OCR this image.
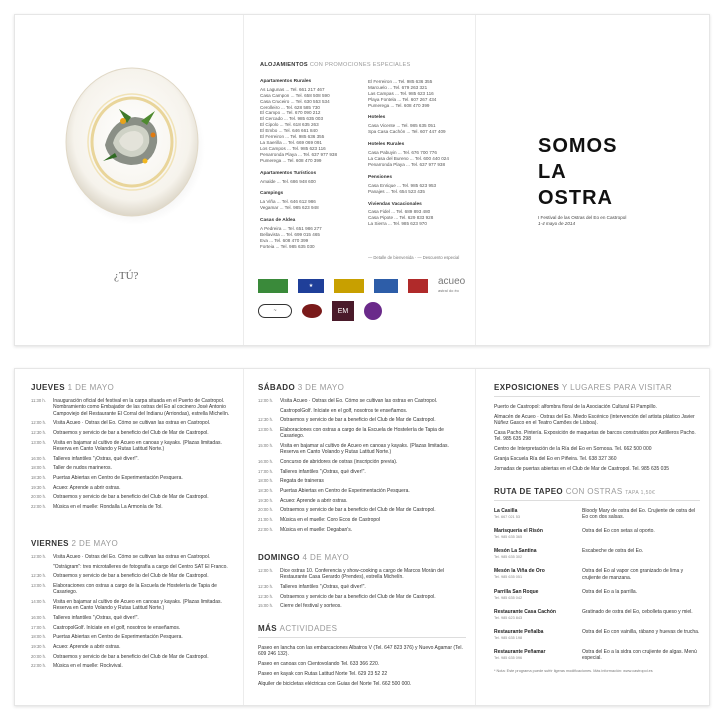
¿TÚ?
ALOJAMIENTOS CON PROMOCIONES ESPECIALES
Apartamentos Rurales
As Lagunas ... Tel. 661 217 467
Casa Campon ... Tel. 658 508 590
Casa Cruceiro ... Tel. 630 553 534
Cerolleiro ... Tel. 628 585 730
El Campo ... Tel. 670 090 212
El Cercado ... Tel. 985 635 003
El Cipolo ... Tel. 618 635 263
El Embo ... Tel. 646 661 840
El Ferreiron ... Tel. 985 636 355
La Saerilla ... Tel. 669 069 091
Los Campos ... Tel. 985 623 116
Penarronda Playa ... Tel. 637 977 938
Pumerega ... Tel. 608 470 399
Apartamentos Turísticos
Amalde ... Tel. 686 948 600
Campings
La Viña ... Tel. 646 612 986
Vegamar ... Tel. 985 623 948
Casas de Aldea
A Pedreira ... Tel. 651 986 277
Bellavista ... Tel. 699 015 465
Eva ... Tel. 608 470 399
Forteia ... Tel. 985 635 030
El Ferreiron ... Tel. 985 636 355
Marcuelo ... Tel. 679 263 321
Las Campas ... Tel. 985 623 116
Playa Fontela ... Tel. 607 267 434
Pumerega ... Tel. 608 470 399
Hoteles
Casa Vicente ... Tel. 985 635 051
Spa Casa Cachón ... Tel. 607 447 409
Hoteles Rurales
Casa Pabuyin ... Tel. 676 700 776
La Casa del Bureno ... Tel. 600 440 024
Penarronda Playa ... Tel. 637 977 938
Pensiones
Casa Enrique ... Tel. 985 623 953
Panajes ... Tel. 654 523 435
Viviendas Vacacionales
Casa Fidel ... Tel. 689 893 480
Casa Pipote ... Tel. 629 833 928
La Sierra ... Tel. 985 623 970
— Detalle de bienvenida · — Descuento especial
★	acueo
astral do éo
~	EM
SOMOS
LA
OSTRA
I Festival de las Ostras del Eo en Castropol
1-4 mayo de 2014
JUEVES 1 DE MAYO
11:30 h.	Inauguración oficial del festival en la carpa situada en el Puerto de Castropol. Nombramiento como Embajador de las ostras del Eo al cocinero José Antonio Campoviejo del Restaurante El Corral del Indianu (Arriondas), estrella Michelín.
12:00 h.	Visita Acueo · Ostras del Eo. Cómo se cultivan las ostras en Castropol.
12:30 h.	Ostraemos y servicio de bar a beneficio del Club de Mar de Castropol.
13:00 h.	Visita en bajamar al cultivo de Acueo en canoas y kayaks. (Plazas limitadas. Reserva en Canto Volando y Rutas Latitud Norte.)
16:00 h.	Talleres infantiles "¡Ostras, qué diver!".
18:00 h.	Taller de nudos marineros.
18:30 h.	Puertas Abiertas en Centro de Experimentación Pesquera.
19:30 h.	Acueo: Aprende a abrir ostras.
20:00 h.	Ostraemos y servicio de bar a beneficio del Club de Mar de Castropol.
22:00 h.	Música en el muelle: Rondalla La Armonía de Tol.
VIERNES 2 DE MAYO
12:00 h.	Visita Acueo · Ostras del Eo. Cómo se cultivan las ostras en Castropol.
"Ostrágram": tres microtalleres de fotografía a cargo del Centro SAT El Franco.
12:30 h.	Ostraemos y servicio de bar a beneficio del Club de Mar de Castropol.
13:00 h.	Elaboraciones con ostras a cargo de la Escuela de Hostelería de Tapia de Casariego.
14:00 h.	Visita en bajamar al cultivo de Acueo en canoas y kayaks. (Plazas limitadas. Reserva en Canto Volando y Rutas Latitud Norte.)
16:00 h.	Talleres infantiles "¡Ostras, qué diver!".
17:00 h.	CastropolGolf. Iníciate en el golf, nosotros te enseñamos.
18:00 h.	Puertas Abiertas en Centro de Experimentación Pesquera.
19:30 h.	Acueo: Aprende a abrir ostras.
20:00 h.	Ostraemos y servicio de bar a beneficio del Club de Mar de Castropol.
22:00 h.	Música en el muelle: Rockvival.
SÁBADO 3 DE MAYO
12:00 h.	Visita Acueo · Ostras del Eo. Cómo se cultivan las ostras en Castropol.
CastropolGolf. Iníciate en el golf, nosotros te enseñamos.
12:30 h.	Ostraemos y servicio de bar a beneficio del Club de Mar de Castropol.
13:00 h.	Elaboraciones con ostras a cargo de la Escuela de Hostelería de Tapia de Casariego.
15:00 h.	Visita en bajamar al cultivo de Acueo en canoas y kayaks. (Plazas limitadas. Reserva en Canto Volando y Rutas Latitud Norte.)
16:00 h.	Concurso de abridores de ostras (inscripción previa).
17:00 h.	Talleres infantiles "¡Ostras, qué diver!".
18:00 h.	Regata de traineras
18:30 h.	Puertas Abiertas en Centro de Experimentación Pesquera.
19:30 h.	Acueo: Aprende a abrir ostras.
20:00 h.	Ostraemos y servicio de bar a beneficio del Club de Mar de Castropol.
21:00 h.	Música en el muelle: Coro Ecos de Castropol
22:00 h.	Música en el muelle: Degaban's.
DOMINGO 4 DE MAYO
12:00 h.	Dice ostras 10. Conferencia y show-cooking a cargo de Marcos Morán del Restaurante Casa Gerardo (Prendes), estrella Michelín.
12:30 h.	Talleres infantiles "¡Ostras, qué diver!".
12:30 h.	Ostraemos y servicio de bar a beneficio del Club de Mar de Castropol.
15:00 h.	Cierre del festival y sorteos.
MÁS ACTIVIDADES
Paseo en lancha con las embarcaciones Albatros V (Tel. 647 823 376) y Nuevo Agamar (Tel. 609 246 132).
Paseo en canoas con Cientovolando Tel. 633 366 220.
Paseo en kayak con Rutas Latitud Norte Tel. 629 23 52 22
Alquiler de bicicletas eléctricas con Guias del Norte Tel. 662 500 000.
EXPOSICIONES Y LUGARES PARA VISITAR
Puerto de Castropol: alfombra floral de la Asociación Cultural El Pampillo.
Almacén de Acueo · Ostras del Eo. Miedo Escénico (intervención del artista plástico Javier Núñez Gasco en el Teatro Camões de Lisboa).
Casa Pacho. Pintería. Exposición de maquetas de barcos construidos por Astilleros Pacho. Tel. 985 635 298
Centro de Interpretación de la Ría del Eo en Sornosa. Tel. 662 500 000
Granja Escuela Ría del Eo en Piñeira. Tel. 638 327 360
Jornadas de puertas abiertas en el Club de Mar de Castropol. Tel. 985 635 035
RUTA DE TAPEO CON OSTRAS TAPA 1,50€
La Casilla
Tel. 667 021 53
Bloody Mary de ostra del Eo. Crujiente de ostra del Eo con dos salsas.
Marisquería el Risón
Tel. 985 635 365
Ostra del Eo con setas al oporto.
Mesón La Santina
Tel. 985 635 302
Escabeche de ostra del Eo.
Mesón la Viña de Oro
Tel. 985 635 051
Ostra del Eo al vapor con granizado de lima y crujiente de manzana.
Parrilla San Roque
Tel. 985 635 042
Ostra del Eo a la parrilla.
Restaurante Casa Cachón
Tel. 985 623 843
Gratinado de ostra del Eo, cebolleta queso y miel.
Restaurante Peñalba
Tel. 985 635 198
Ostra del Eo con vainilla, rábano y huevas de trucha.
Restaurante Peñamar
Tel. 985 635 096
Ostra del Eo a la sidra con crujiente de algas. Menú especial.
* Nota: Este programa puede sufrir ligeras modificaciones. Más información: www.castropol.es
